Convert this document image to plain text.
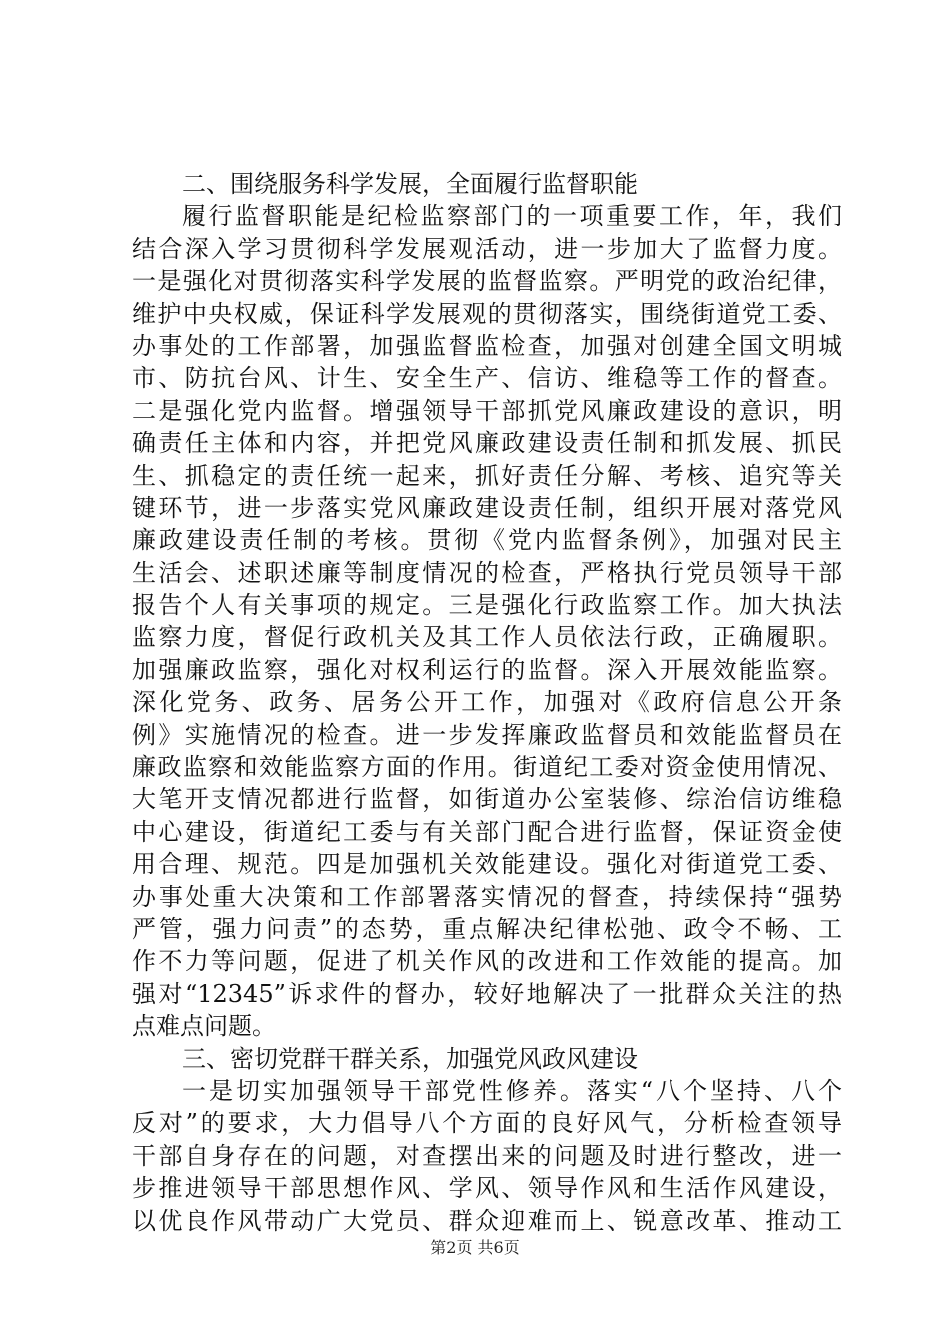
二、围绕服务科学发展，全面履行监督职能
履行监督职能是纪检监察部门的一项重要工作，年，我们
结合深入学习贯彻科学发展观活动，进一步加大了监督力度。
一是强化对贯彻落实科学发展的监督监察。严明党的政治纪律，
维护中央权威，保证科学发展观的贯彻落实，围绕街道党工委、
办事处的工作部署，加强监督监检查，加强对创建全国文明城
市、防抗台风、计生、安全生产、信访、维稳等工作的督查。
二是强化党内监督。增强领导干部抓党风廉政建设的意识，明
确责任主体和内容，并把党风廉政建设责任制和抓发展、抓民
生、抓稳定的责任统一起来，抓好责任分解、考核、追究等关
键环节，进一步落实党风廉政建设责任制，组织开展对落党风
廉政建设责任制的考核。贯彻《党内监督条例》，加强对民主
生活会、述职述廉等制度情况的检查，严格执行党员领导干部
报告个人有关事项的规定。三是强化行政监察工作。加大执法
监察力度，督促行政机关及其工作人员依法行政，正确履职。
加强廉政监察，强化对权利运行的监督。深入开展效能监察。
深化党务、政务、居务公开工作，加强对《政府信息公开条
例》实施情况的检查。进一步发挥廉政监督员和效能监督员在
廉政监察和效能监察方面的作用。街道纪工委对资金使用情况、
大笔开支情况都进行监督，如街道办公室装修、综治信访维稳
中心建设，街道纪工委与有关部门配合进行监督，保证资金使
用合理、规范。四是加强机关效能建设。强化对街道党工委、
办事处重大决策和工作部署落实情况的督查，持续保持“强势
严管，强力问责”的态势，重点解决纪律松弛、政令不畅、工
作不力等问题，促进了机关作风的改进和工作效能的提高。加
强对“12345”诉求件的督办，较好地解决了一批群众关注的热
点难点问题。
三、密切党群干群关系，加强党风政风建设
一是切实加强领导干部党性修养。落实“八个坚持、八个
反对”的要求，大力倡导八个方面的良好风气，分析检查领导
干部自身存在的问题，对查摆出来的问题及时进行整改，进一
步推进领导干部思想作风、学风、领导作风和生活作风建设，
以优良作风带动广大党员、群众迎难而上、锐意改革、推动工
第2页 共6页
